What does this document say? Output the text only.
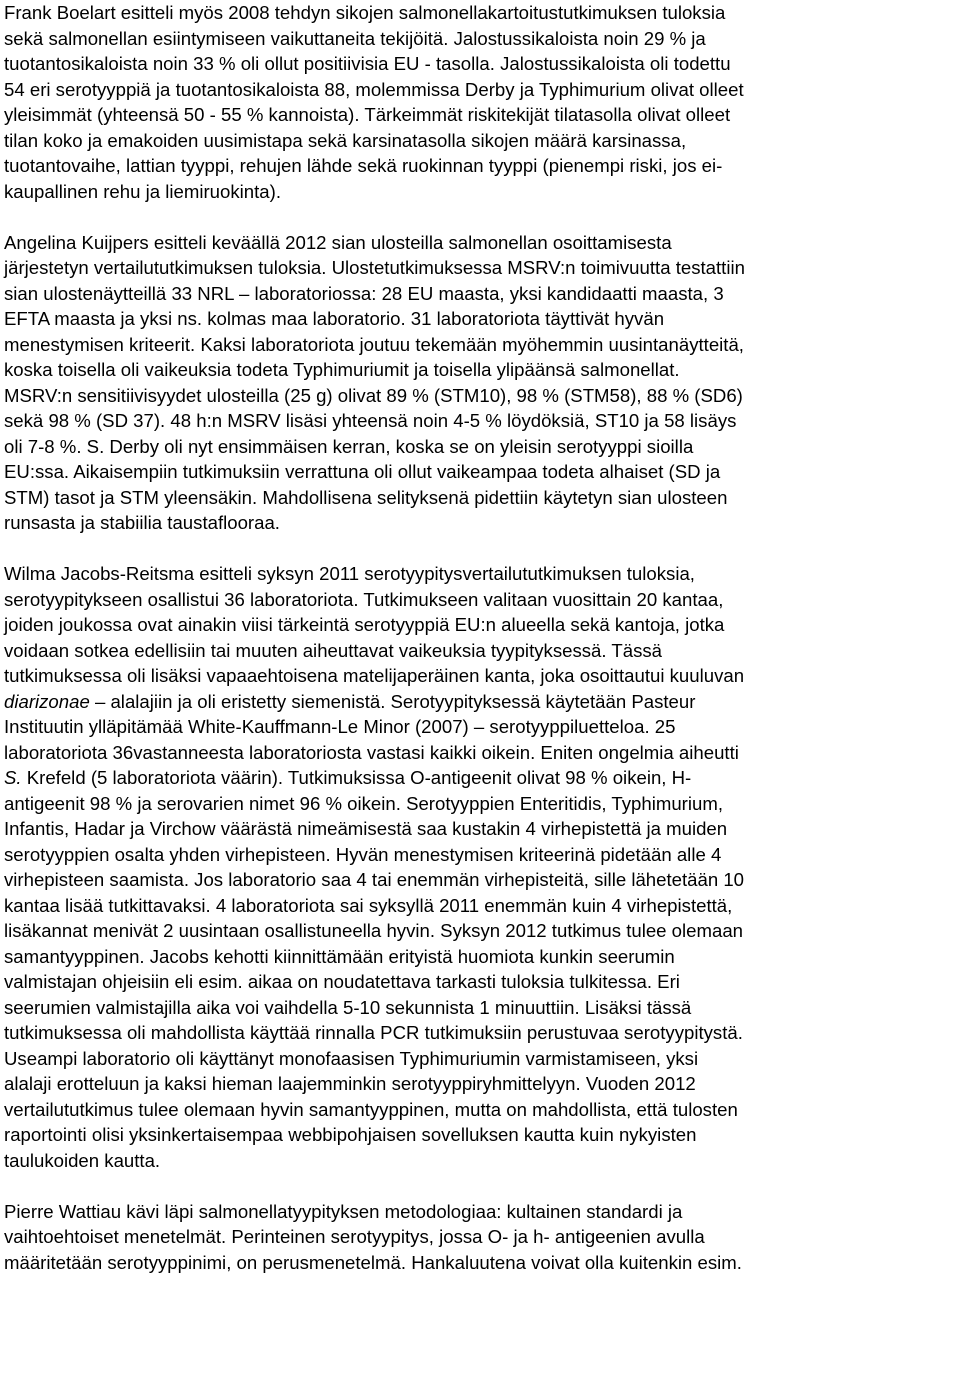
Frank Boelart esitteli myös 2008 tehdyn sikojen salmonellakartoitustutkimuksen tuloksia
sekä salmonellan esiintymiseen vaikuttaneita tekijöitä. Jalostussikaloista noin 29 % ja
tuotantosikaloista noin 33 % oli ollut positiivisia EU - tasolla. Jalostussikaloista oli todettu
54 eri serotyyppiä ja tuotantosikaloista 88, molemmissa Derby ja Typhimurium olivat olleet
yleisimmät (yhteensä 50 - 55 % kannoista). Tärkeimmät riskitekijät tilatasolla olivat olleet
tilan koko ja emakoiden uusimistapa sekä karsinatasolla sikojen määrä karsinassa,
tuotantovaihe, lattian tyyppi, rehujen lähde sekä ruokinnan tyyppi (pienempi riski, jos ei-
kaupallinen rehu ja liemiruokinta).

Angelina Kuijpers esitteli keväällä 2012 sian ulosteilla salmonellan osoittamisesta
järjestetyn vertailututkimuksen tuloksia. Ulostetutkimuksessa MSRV:n toimivuutta testattiin
sian ulostenäytteillä 33 NRL – laboratoriossa: 28 EU maasta, yksi kandidaatti maasta, 3
EFTA maasta ja yksi ns. kolmas maa laboratorio. 31 laboratoriota täyttivät hyvän
menestymisen kriteerit. Kaksi laboratoriota joutuu tekemään myöhemmin uusintanäytteitä,
koska toisella oli vaikeuksia todeta Typhimuriumit ja toisella ylipäänsä salmonellat.
MSRV:n sensitiivisyydet ulosteilla (25 g) olivat 89 % (STM10), 98 % (STM58), 88 % (SD6)
sekä 98 % (SD 37). 48 h:n MSRV lisäsi yhteensä noin 4-5 % löydöksiä, ST10 ja 58 lisäys
oli 7-8 %. S. Derby oli nyt ensimmäisen kerran, koska se on yleisin serotyyppi sioilla
EU:ssa. Aikaisempiin tutkimuksiin verrattuna oli ollut vaikeampaa todeta alhaiset (SD ja
STM) tasot ja STM yleensäkin. Mahdollisena selityksenä pidettiin käytetyn sian ulosteen
runsasta ja stabiilia taustaflooraa.

Wilma Jacobs-Reitsma esitteli syksyn 2011 serotyypitysvertailututkimuksen tuloksia,
serotyypitykseen osallistui 36 laboratoriota. Tutkimukseen valitaan vuosittain 20 kantaa,
joiden joukossa ovat ainakin viisi tärkeintä serotyyppiä EU:n alueella sekä kantoja, jotka
voidaan sotkea edellisiin tai muuten aiheuttavat vaikeuksia tyypityksessä. Tässä
tutkimuksessa oli lisäksi vapaaehtoisena matelijaperäinen kanta, joka osoittautui kuuluvan
diarizonae – alalajiin ja oli eristetty siemenistä. Serotyypityksessä käytetään Pasteur
Instituutin ylläpitämää White-Kauffmann-Le Minor (2007) – serotyyppiluetteloa. 25
laboratoriota 36vastanneesta laboratoriosta vastasi kaikki oikein. Eniten ongelmia aiheutti
S. Krefeld (5 laboratoriota väärin). Tutkimuksissa O-antigeenit olivat 98 % oikein, H-
antigeenit 98 % ja serovarien nimet 96 % oikein. Serotyyppien Enteritidis, Typhimurium,
Infantis, Hadar ja Virchow väärästä nimeämisestä saa kustakin 4 virhepistettä ja muiden
serotyyppien osalta yhden virhepisteen. Hyvän menestymisen kriteerinä pidetään alle 4
virhepisteen saamista. Jos laboratorio saa 4 tai enemmän virhepisteitä, sille lähetetään 10
kantaa lisää tutkittavaksi. 4 laboratoriota sai syksyllä 2011 enemmän kuin 4 virhepistettä,
lisäkannat menivät 2 uusintaan osallistuneella hyvin. Syksyn 2012 tutkimus tulee olemaan
samantyyppinen. Jacobs kehotti kiinnittämään erityistä huomiota kunkin seerumin
valmistajan ohjeisiin eli esim. aikaa on noudatettava tarkasti tuloksia tulkitessa. Eri
seerumien valmistajilla aika voi vaihdella 5-10 sekunnista 1 minuuttiin. Lisäksi tässä
tutkimuksessa oli mahdollista käyttää rinnalla PCR tutkimuksiin perustuvaa serotyypitystä.
Useampi laboratorio oli käyttänyt monofaasisen Typhimuriumin varmistamiseen, yksi
alalaji erotteluun ja kaksi hieman laajemminkin serotyyppiryhmittelyyn. Vuoden 2012
vertailututkimus tulee olemaan hyvin samantyyppinen, mutta on mahdollista, että tulosten
raportointi olisi yksinkertaisempaa webbipohjaisen sovelluksen kautta kuin nykyisten
taulukoiden kautta.

Pierre Wattiau kävi läpi salmonellatyypityksen metodologiaa: kultainen standardi ja
vaihtoehtoiset menetelmät. Perinteinen serotyypitys, jossa O- ja h- antigeenien avulla
määritetään serotyyppinimi, on perusmenetelmä. Hankaluutena voivat olla kuitenkin esim.
